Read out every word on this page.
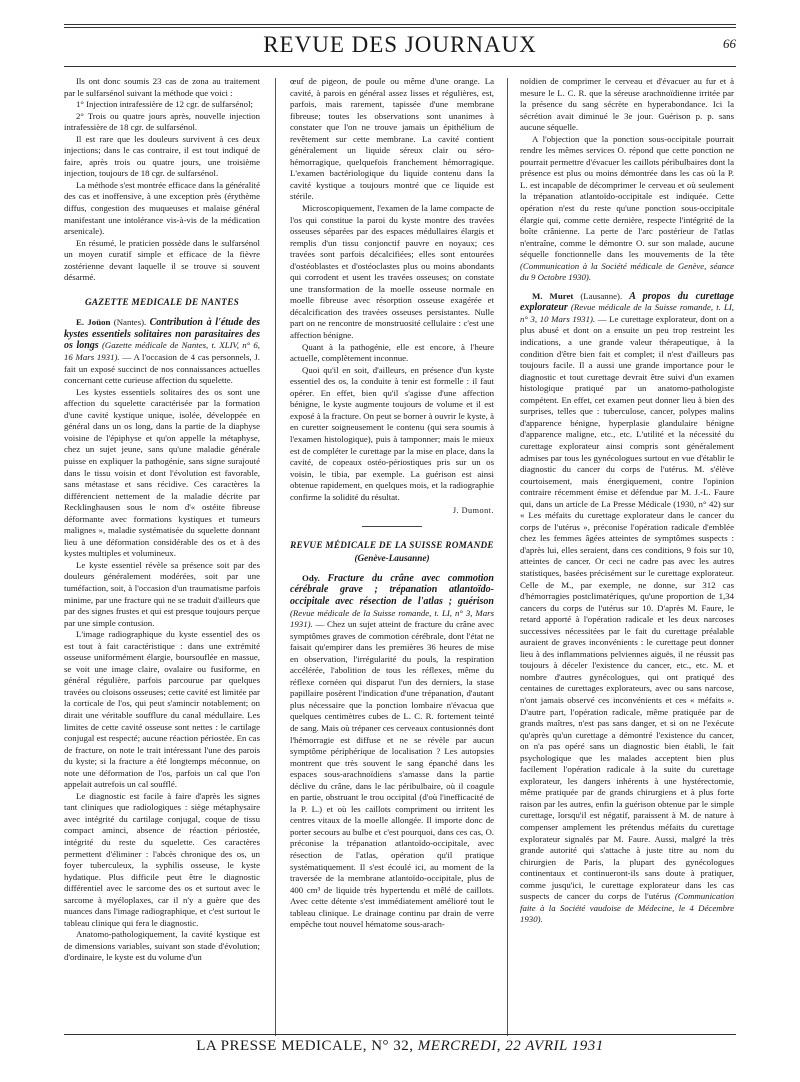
REVUE DES JOURNAUX	66

Ils ont donc soumis 23 cas de zona au traitement par le sulfarsénol suivant la méthode que voici :

1° Injection intrafessière de 12 cgr. de sulfarsénol;

2° Trois ou quatre jours après, nouvelle injection intrafessière de 18 cgr. de sulfarsénol.

Il est rare que les douleurs survivent à ces deux injections; dans le cas contraire, il est tout indiqué de faire, après trois ou quatre jours, une troisième injection, toujours de 18 cgr. de sulfarsénol.

La méthode s'est montrée efficace dans la généralité des cas et inoffensive, à une exception près (érythème diffus, congestion des muqueuses et malaise général manifestant une intolérance vis-à-vis de la médication arsenicale).

En résumé, le praticien possède dans le sulfarsénol un moyen curatif simple et efficace de la fièvre zostérienne devant laquelle il se trouve si souvent désarmé.

GAZETTE MEDICALE DE NANTES

E. Joüon (Nantes). Contribution à l'étude des kystes essentiels solitaires non parasitaires des os longs (Gazette médicale de Nantes, t. XLIV, n° 6, 16 Mars 1931). — A l'occasion de 4 cas personnels, J. fait un exposé succinct de nos connaissances actuelles concernant cette curieuse affection du squelette.

Les kystes essentiels solitaires des os sont une affection du squelette caractérisée par la formation d'une cavité kystique unique, isolée, développée en général dans un os long, dans la partie de la diaphyse voisine de l'épiphyse et qu'on appelle la métaphyse, chez un sujet jeune, sans qu'une maladie générale puisse en expliquer la pathogénie, sans signe surajouté dans le tissu voisin et dont l'évolution est favorable, sans métastase et sans récidive. Ces caractères la différencient nettement de la maladie décrite par Recklinghausen sous le nom d'« ostéite fibreuse déformante avec formations kystiques et tumeurs malignes », maladie systématisée du squelette donnant lieu à une déformation considérable des os et à des kystes multiples et volumineux.

Le kyste essentiel révèle sa présence soit par des douleurs généralement modérées, soit par une tuméfaction, soit, à l'occasion d'un traumatisme parfois minime, par une fracture qui ne se traduit d'ailleurs que par des signes frustes et qui est presque toujours perçue par une simple contusion.

L'image radiographique du kyste essentiel des os est tout à fait caractéristique : dans une extrémité osseuse uniformément élargie, boursouflée en massue, se voit une image claire, ovalaire ou fusiforme, en général régulière, parfois parcourue par quelques travées ou cloisons osseuses; cette cavité est limitée par la corticale de l'os, qui peut s'amincir notablement; on dirait une véritable soufflure du canal médullaire. Les limites de cette cavité osseuse sont nettes : le cartilage conjugal est respecté; aucune réaction périostée. En cas de fracture, on note le trait intéressant l'une des parois du kyste; si la fracture a été longtemps méconnue, on note une déformation de l'os, parfois un cal que l'on appelait autrefois un cal soufflé.

Le diagnostic est facile à faire d'après les signes tant cliniques que radiologiques : siège métaphysaire avec intégrité du cartilage conjugal, coque de tissu compact aminci, absence de réaction périostée, intégrité du reste du squelette. Ces caractères permettent d'éliminer : l'abcès chronique des os, un foyer tuberculeux, la syphilis osseuse, le kyste hydatique. Plus difficile peut être le diagnostic différentiel avec le sarcome des os et surtout avec le sarcome à myéloplaxes, car il n'y a guère que des nuances dans l'image radiographique, et c'est surtout le tableau clinique qui fera le diagnostic.

Anatomo-pathologiquement, la cavité kystique est de dimensions variables, suivant son stade d'évolution; d'ordinaire, le kyste est du volume d'un

œuf de pigeon, de poule ou même d'une orange. La cavité, à parois en général assez lisses et régulières, est, parfois, mais rarement, tapissée d'une membrane fibreuse; toutes les observations sont unanimes à constater que l'on ne trouve jamais un épithélium de revêtement sur cette membrane. La cavité contient généralement un liquide séreux clair ou séro-hémorragique, quelquefois franchement hémorragique. L'examen bactériologique du liquide contenu dans la cavité kystique a toujours montré que ce liquide est stérile.

Microscopiquement, l'examen de la lame compacte de l'os qui constitue la paroi du kyste montre des travées osseuses séparées par des espaces médullaires élargis et remplis d'un tissu conjonctif pauvre en noyaux; ces travées sont parfois décalcifiées; elles sont entourées d'ostéoblastes et d'ostéoclastes plus ou moins abondants qui corrodent et usent les travées osseuses; on constate une transformation de la moelle osseuse normale en moelle fibreuse avec résorption osseuse exagérée et décalcification des travées osseuses persistantes. Nulle part on ne rencontre de monstruosité cellulaire : c'est une affection bénigne.

Quant à la pathogénie, elle est encore, à l'heure actuelle, complètement inconnue.

Quoi qu'il en soit, d'ailleurs, en présence d'un kyste essentiel des os, la conduite à tenir est formelle : il faut opérer. En effet, bien qu'il s'agisse d'une affection bénigne, le kyste augmente toujours de volume et il est exposé à la fracture. On peut se borner à ouvrir le kyste, à en curetter soigneusement le contenu (qui sera soumis à l'examen histologique), puis à tamponner; mais le mieux est de compléter le curettage par la mise en place, dans la cavité, de copeaux ostéo-périostiques pris sur un os voisin, le tibia, par exemple. La guérison est ainsi obtenue rapidement, en quelques mois, et la radiographie confirme la solidité du résultat.

J. Dumont.

REVUE MÉDICALE DE LA SUISSE ROMANDE
(Genève-Lausanne)

Ody. Fracture du crâne avec commotion cérébrale grave ; trépanation atlantoïdo-occipitale avec résection de l'atlas ; guérison (Revue médicale de la Suisse romande, t. LI, n° 3, Mars 1931). — Chez un sujet atteint de fracture du crâne avec symptômes graves de commotion cérébrale, dont l'état ne faisait qu'empirer dans les premières 36 heures de mise en observation, l'irrégularité du pouls, la respiration accélérée, l'abolition de tous les réflexes, même du réflexe cornéen qui disparut l'un des derniers, la stase papillaire posèrent l'indication d'une trépanation, d'autant plus nécessaire que la ponction lombaire n'évacua que quelques centimètres cubes de L. C. R. fortement teinté de sang. Mais où trépaner ces cerveaux contusionnés dont l'hémorragie est diffuse et ne se révèle par aucun symptôme périphérique de localisation ? Les autopsies montrent que très souvent le sang épanché dans les espaces sous-arachnoïdiens s'amasse dans la partie déclive du crâne, dans le lac péribulbaire, où il coagule en partie, obstruant le trou occipital (d'où l'inefficacité de la P. L.) et où les caillots compriment ou irritent les centres vitaux de la moelle allongée. Il importe donc de porter secours au bulbe et c'est pourquoi, dans ces cas, O. préconise la trépanation atlantoïdo-occipitale, avec résection de l'atlas, opération qu'il pratique systématiquement. Il s'est écoulé ici, au moment de la traversée de la membrane atlantoïdo-occipitale, plus de 400 cm³ de liquide très hypertendu et mêlé de caillots. Avec cette détente s'est immédiatement amélioré tout le tableau clinique. Le drainage continu par drain de verre empêche tout nouvel hématome sous-arach-

noïdien de comprimer le cerveau et d'évacuer au fur et à mesure le L. C. R. que la séreuse arachnoïdienne irritée par la présence du sang sécrète en hyperabondance. Ici la sécrétion avait diminué le 3e jour. Guérison p. p. sans aucune séquelle.

A l'objection que la ponction sous-occipitale pourrait rendre les mêmes services O. répond que cette ponction ne pourrait permettre d'évacuer les caillots péribulbaires dont la présence est plus ou moins démontrée dans les cas où la P. L. est incapable de décomprimer le cerveau et où seulement la trépanation atlantoïdo-occipitale est indiquée. Cette opération n'est du reste qu'une ponction sous-occipitale élargie qui, comme cette dernière, respecte l'intégrité de la boîte crânienne. La perte de l'arc postérieur de l'atlas n'entraîne, comme le démontre O. sur son malade, aucune séquelle fonctionnelle dans les mouvements de la tête (Communication à la Société médicale de Genève, séance du 9 Octobre 1930).

M. Muret (Lausanne). A propos du curettage explorateur (Revue médicale de la Suisse romande, t. LI, n° 3, 10 Mars 1931). — Le curettage explorateur, dont on a plus abusé et dont on a ensuite un peu trop restreint les indications, a une grande valeur thérapeutique, à la condition d'être bien fait et complet; il n'est d'ailleurs pas toujours facile. Il a aussi une grande importance pour le diagnostic et tout curettage devrait être suivi d'un examen histologique pratiqué par un anatomo-pathologiste compétent. En effet, cet examen peut donner lieu à bien des surprises, telles que : tuberculose, cancer, polypes malins d'apparence bénigne, hyperplasie glandulaire bénigne d'apparence maligne, etc., etc. L'utilité et la nécessité du curettage explorateur ainsi compris sont généralement admises par tous les gynécologues surtout en vue d'établir le diagnostic du cancer du corps de l'utérus. M. s'élève courtoisement, mais énergiquement, contre l'opinion contraire récemment émise et défendue par M. J.-L. Faure qui, dans un article de La Presse Médicale (1930, n° 42) sur « Les méfaits du curettage explorateur dans le cancer du corps de l'utérus », préconise l'opération radicale d'emblée chez les femmes âgées atteintes de symptômes suspects : d'après lui, elles seraient, dans ces conditions, 9 fois sur 10, atteintes de cancer. Or ceci ne cadre pas avec les autres statistiques, basées précisément sur le curettage explorateur. Celle de M., par exemple, ne donne, sur 312 cas d'hémorragies postclimatériques, qu'une proportion de 1,34 cancers du corps de l'utérus sur 10. D'après M. Faure, le retard apporté à l'opération radicale et les deux narcoses successives nécessitées par le fait du curettage préalable auraient de graves inconvénients : le curettage peut donner lieu à des inflammations pelviennes aiguës, il ne réussit pas toujours à déceler l'existence du cancer, etc., etc. M. et nombre d'autres gynécologues, qui ont pratiqué des centaines de curettages explorateurs, avec ou sans narcose, n'ont jamais observé ces inconvénients et ces « méfaits ». D'autre part, l'opération radicale, même pratiquée par de grands maîtres, n'est pas sans danger, et si on ne l'exécute qu'après qu'un curettage a démontré l'existence du cancer, on n'a pas opéré sans un diagnostic bien établi, le fait psychologique que les malades acceptent bien plus facilement l'opération radicale à la suite du curettage explorateur, les dangers inhérents à une hystérectomie, même pratiquée par de grands chirurgiens et à plus forte raison par les autres, enfin la guérison obtenue par le simple curettage, lorsqu'il est négatif, paraissent à M. de nature à compenser amplement les prétendus méfaits du curettage explorateur signalés par M. Faure. Aussi, malgré la très grande autorité qui s'attache à juste titre au nom du chirurgien de Paris, la plupart des gynécologues continentaux et continueront-ils sans doute à pratiquer, comme jusqu'ici, le curettage explorateur dans les cas suspects de cancer du corps de l'utérus (Communication faite à la Société vaudoise de Médecine, le 4 Décembre 1930).

LA PRESSE MEDICALE, N° 32, MERCREDI, 22 AVRIL 1931
